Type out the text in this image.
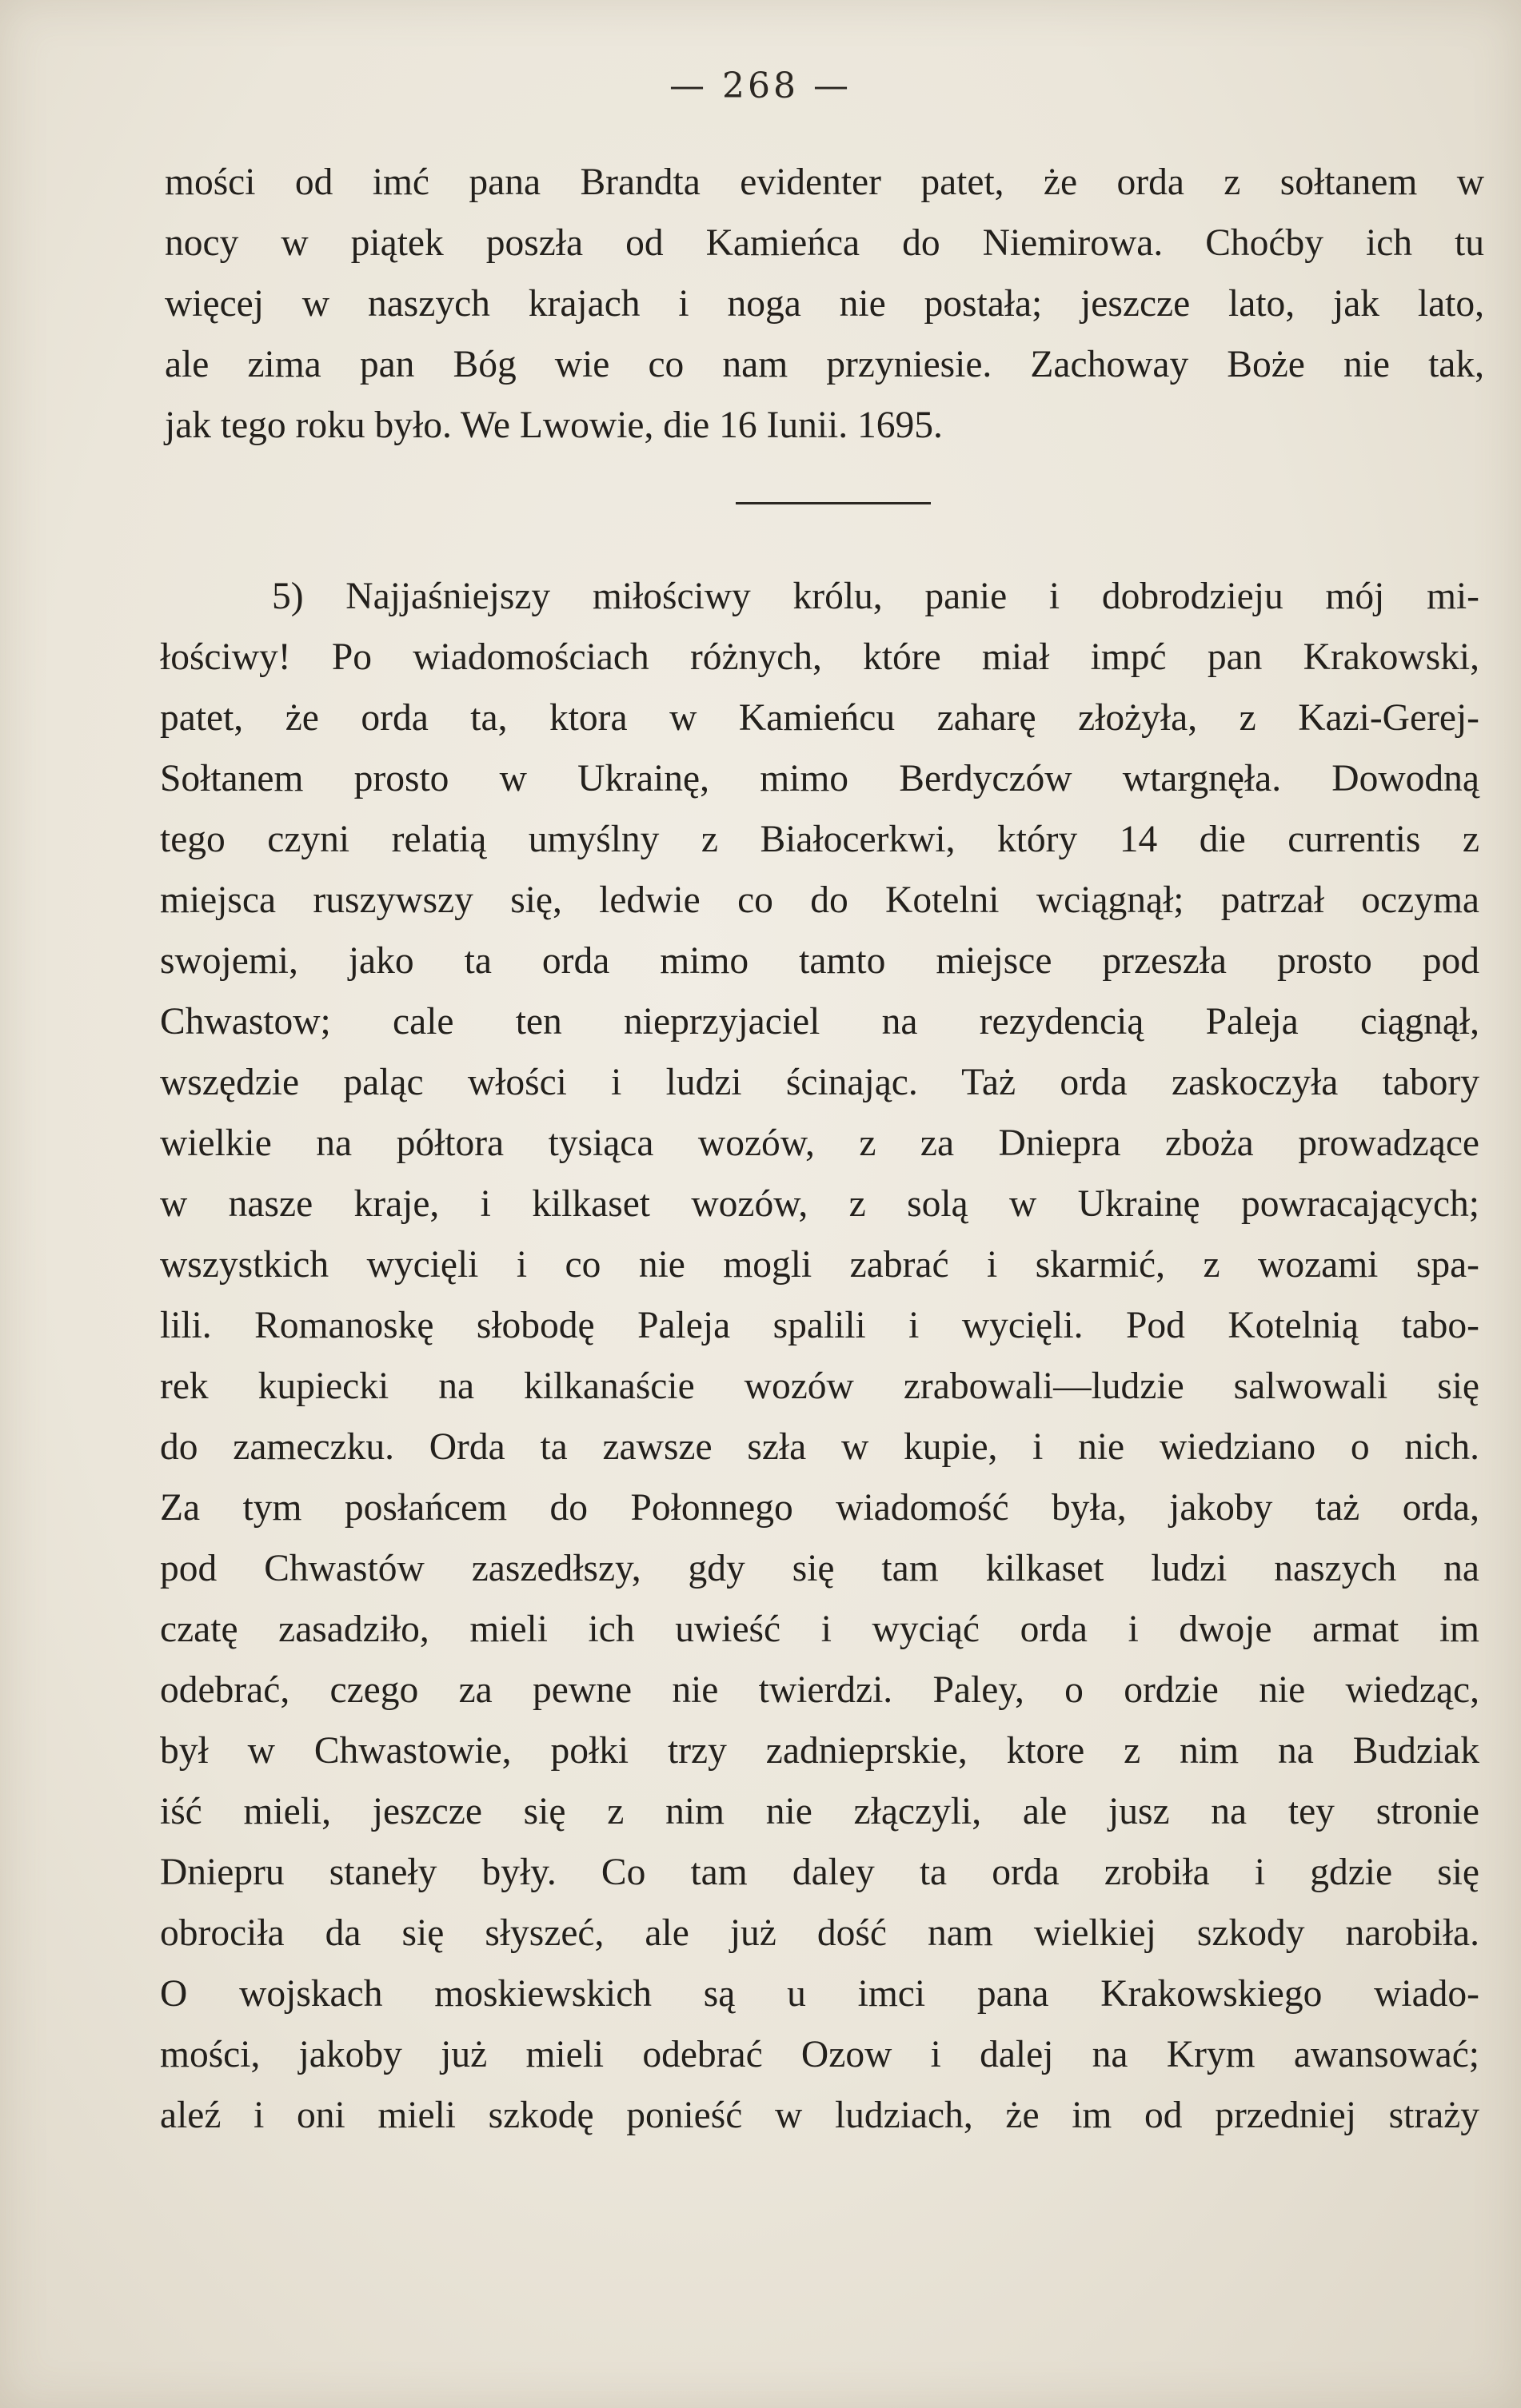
— 268 —
mości od imć pana Brandta evidenter patet, że orda z sołtanem w
nocy w piątek poszła od Kamieńca do Niemirowa. Choćby ich tu
więcej w naszych krajach i noga nie postała; jeszcze lato, jak lato,
ale zima pan Bóg wie co nam przyniesie. Zachoway Boże nie tak,
jak tego roku było. We Lwowie, die 16 Iunii. 1695.
5) Najjaśniejszy miłościwy królu, panie i dobrodzieju mój mi-
łościwy! Po wiadomościach różnych, które miał impć pan Krakowski,
patet, że orda ta, ktora w Kamieńcu zaharę złożyła, z Kazi-Gerej-
Sołtanem prosto w Ukrainę, mimo Berdyczów wtargnęła. Dowodną
tego czyni relatią umyślny z Białocerkwi, który 14 die currentis z
miejsca ruszywszy się, ledwie co do Kotelni wciągnął; patrzał oczyma
swojemi, jako ta orda mimo tamto miejsce przeszła prosto pod
Chwastow; cale ten nieprzyjaciel na rezydencią Paleja ciągnął,
wszędzie paląc włości i ludzi ścinając. Taż orda zaskoczyła tabory
wielkie na półtora tysiąca wozów, z za Dniepra zboża prowadzące
w nasze kraje, i kilkaset wozów, z solą w Ukrainę powracających;
wszystkich wycięli i co nie mogli zabrać i skarmić, z wozami spa-
lili. Romanoskę słobodę Paleja spalili i wycięli. Pod Kotelnią tabo-
rek kupiecki na kilkanaście wozów zrabowali—ludzie salwowali się
do zameczku. Orda ta zawsze szła w kupie, i nie wiedziano o nich.
Za tym posłańcem do Połonnego wiadomość była, jakoby taż orda,
pod Chwastów zaszedłszy, gdy się tam kilkaset ludzi naszych na
czatę zasadziło, mieli ich uwieść i wyciąć orda i dwoje armat im
odebrać, czego za pewne nie twierdzi. Paley, o ordzie nie wiedząc,
był w Chwastowie, połki trzy zadnieprskie, ktore z nim na Budziak
iść mieli, jeszcze się z nim nie złączyli, ale jusz na tey stronie
Dniepru staneły były. Co tam daley ta orda zrobiła i gdzie się
obrociła da się słyszeć, ale już dość nam wielkiej szkody narobiła.
O wojskach moskiewskich są u imci pana Krakowskiego wiado-
mości, jakoby już mieli odebrać Ozow i dalej na Krym awansować;
aleź i oni mieli szkodę ponieść w ludziach, że im od przedniej straży
